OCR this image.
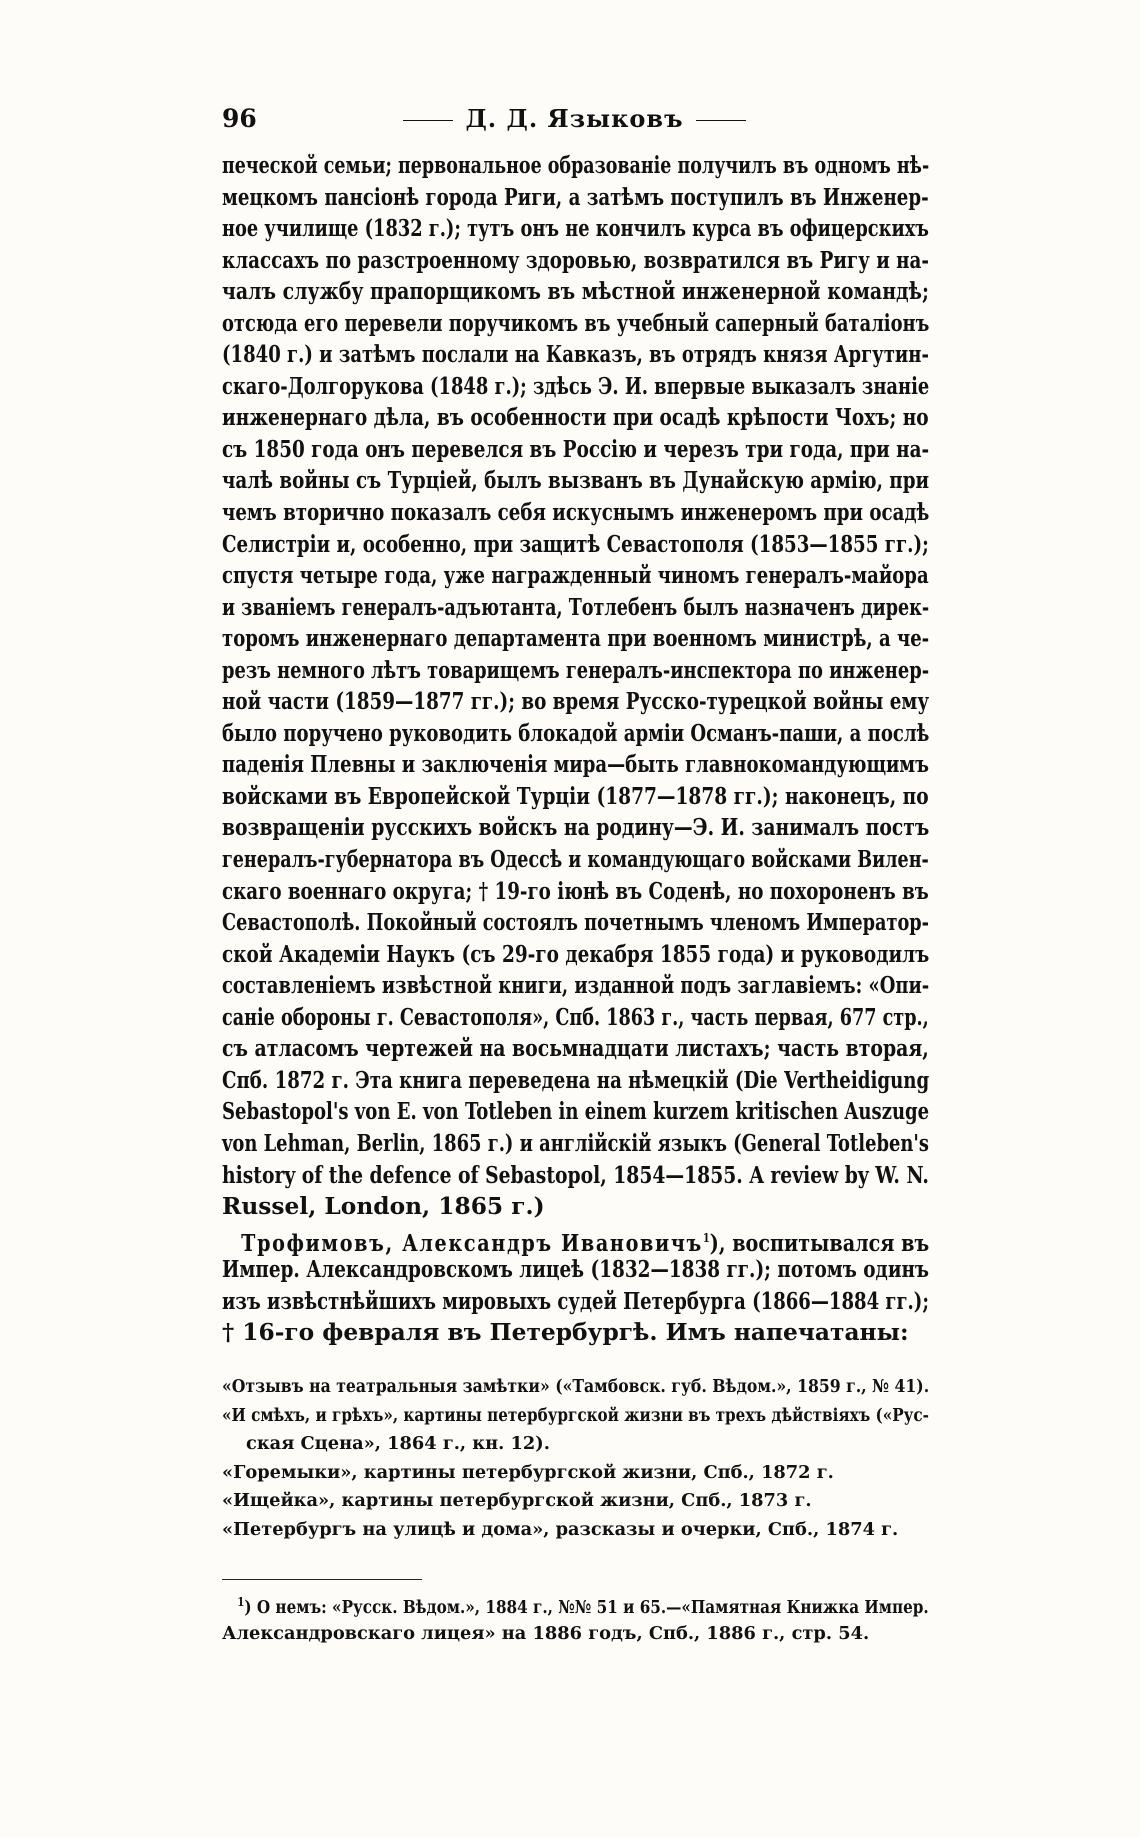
96	Д. Д. Языковъ
печеской семьи; первональное образованіе получилъ въ одномъ нѣ-
мецкомъ пансіонѣ города Риги, а затѣмъ поступилъ въ Инженер-
ное училище (1832 г.); тутъ онъ не кончилъ курса въ офицерскихъ
классахъ по разстроенному здоровью, возвратился въ Ригу и на-
чалъ службу прапорщикомъ въ мѣстной инженерной командѣ;
отсюда его перевели поручикомъ въ учебный саперный баталіонъ
(1840 г.) и затѣмъ послали на Кавказъ, въ отрядъ князя Аргутин-
скаго-Долгорукова (1848 г.); здѣсь Э. И. впервые выказалъ знаніе
инженернаго дѣла, въ особенности при осадѣ крѣпости Чохъ; но
съ 1850 года онъ перевелся въ Россію и черезъ три года, при на-
чалѣ войны съ Турціей, былъ вызванъ въ Дунайскую армію, при
чемъ вторично показалъ себя искуснымъ инженеромъ при осадѣ
Селистріи и, особенно, при защитѣ Севастополя (1853—1855 гг.);
спустя четыре года, уже награжденный чиномъ генералъ-майора
и званіемъ генералъ-адъютанта, Тотлебенъ былъ назначенъ дирек-
торомъ инженернаго департамента при военномъ министрѣ, а че-
резъ немного лѣтъ товарищемъ генералъ-инспектора по инженер-
ной части (1859—1877 гг.); во время Русско-турецкой войны ему
было поручено руководить блокадой арміи Османъ-паши, а послѣ
паденія Плевны и заключенія мира—быть главнокомандующимъ
войсками въ Европейской Турціи (1877—1878 гг.); наконецъ, по
возвращеніи русскихъ войскъ на родину—Э. И. занималъ постъ
генералъ-губернатора въ Одессѣ и командующаго войсками Вилен-
скаго военнаго округа; † 19-го іюнѣ въ Соденѣ, но похороненъ въ
Севастополѣ. Покойный состоялъ почетнымъ членомъ Император-
ской Академіи Наукъ (съ 29-го декабря 1855 года) и руководилъ
составленіемъ извѣстной книги, изданной подъ заглавіемъ: «Опи-
саніе обороны г. Севастополя», Спб. 1863 г., часть первая, 677 стр.,
съ атласомъ чертежей на восьмнадцати листахъ; часть вторая,
Спб. 1872 г. Эта книга переведена на нѣмецкій (Die Vertheidigung
Sebastopol's von E. von Totleben in einem kurzem kritischen Auszuge
von Lehman, Berlin, 1865 г.) и англійскій языкъ (General Totleben's
history of the defence of Sebastopol, 1854—1855. A review by W. N.
Russel, London, 1865 г.)
 Трофимовъ, Александръ Ивановичъ$^1$), воспитывался въ
Импер. Александровскомъ лицеѣ (1832—1838 гг.); потомъ одинъ
изъ извѣстнѣйшихъ мировыхъ судей Петербурга (1866—1884 гг.);
† 16-го февраля въ Петербургѣ. Имъ напечатаны:
«Отзывъ на театральныя замѣтки» («Тамбовск. губ. Вѣдом.», 1859 г., № 41).
«И смѣхъ, и грѣхъ», картины петербургской жизни въ трехъ дѣйствіяхъ («Рус-
ская Сцена», 1864 г., кн. 12).
«Горемыки», картины петербургской жизни, Спб., 1872 г.
«Ищейка», картины петербургской жизни, Спб., 1873 г.
«Петербургъ на улицѣ и дома», разсказы и очерки, Спб., 1874 г.
 $^1$) О немъ: «Русск. Вѣдом.», 1884 г., №№ 51 и 65.—«Памятная Книжка Импер.
Александровскаго лицея» на 1886 годъ, Спб., 1886 г., стр. 54.
